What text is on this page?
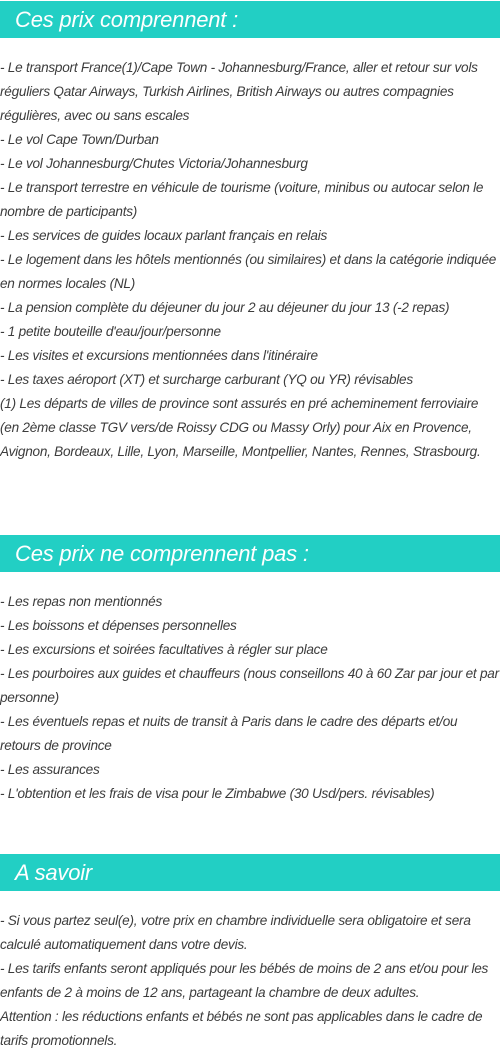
Ces prix comprennent :

- Le transport France(1)/Cape Town - Johannesburg/France, aller et retour sur vols réguliers Qatar Airways, Turkish Airlines, British Airways ou autres compagnies régulières, avec ou sans escales

- Le vol Cape Town/Durban

- Le vol Johannesburg/Chutes Victoria/Johannesburg

- Le transport terrestre en véhicule de tourisme (voiture, minibus ou autocar selon le nombre de participants)

- Les services de guides locaux parlant français en relais

- Le logement dans les hôtels mentionnés (ou similaires) et dans la catégorie indiquée en normes locales (NL)

- La pension complète du déjeuner du jour 2 au déjeuner du jour 13 (-2 repas)

- 1 petite bouteille d'eau/jour/personne

- Les visites et excursions mentionnées dans l'itinéraire

- Les taxes aéroport (XT) et surcharge carburant (YQ ou YR) révisables

(1) Les départs de villes de province sont assurés en pré acheminement ferroviaire (en 2ème classe TGV vers/de Roissy CDG ou Massy Orly) pour Aix en Provence, Avignon, Bordeaux, Lille, Lyon, Marseille, Montpellier, Nantes, Rennes, Strasbourg.

Ces prix ne comprennent pas :

- Les repas non mentionnés

- Les boissons et dépenses personnelles

- Les excursions et soirées facultatives à régler sur place

- Les pourboires aux guides et chauffeurs (nous conseillons 40 à 60 Zar par jour et par personne)

- Les éventuels repas et nuits de transit à Paris dans le cadre des départs et/ou retours de province

- Les assurances

- L'obtention et les frais de visa pour le Zimbabwe (30 Usd/pers. révisables)

A savoir

- Si vous partez seul(e), votre prix en chambre individuelle sera obligatoire et sera calculé automatiquement dans votre devis.

- Les tarifs enfants seront appliqués pour les bébés de moins de 2 ans et/ou pour les enfants de 2 à moins de 12 ans, partageant la chambre de deux adultes.

Attention : les réductions enfants et bébés ne sont pas applicables dans le cadre de tarifs promotionnels.
